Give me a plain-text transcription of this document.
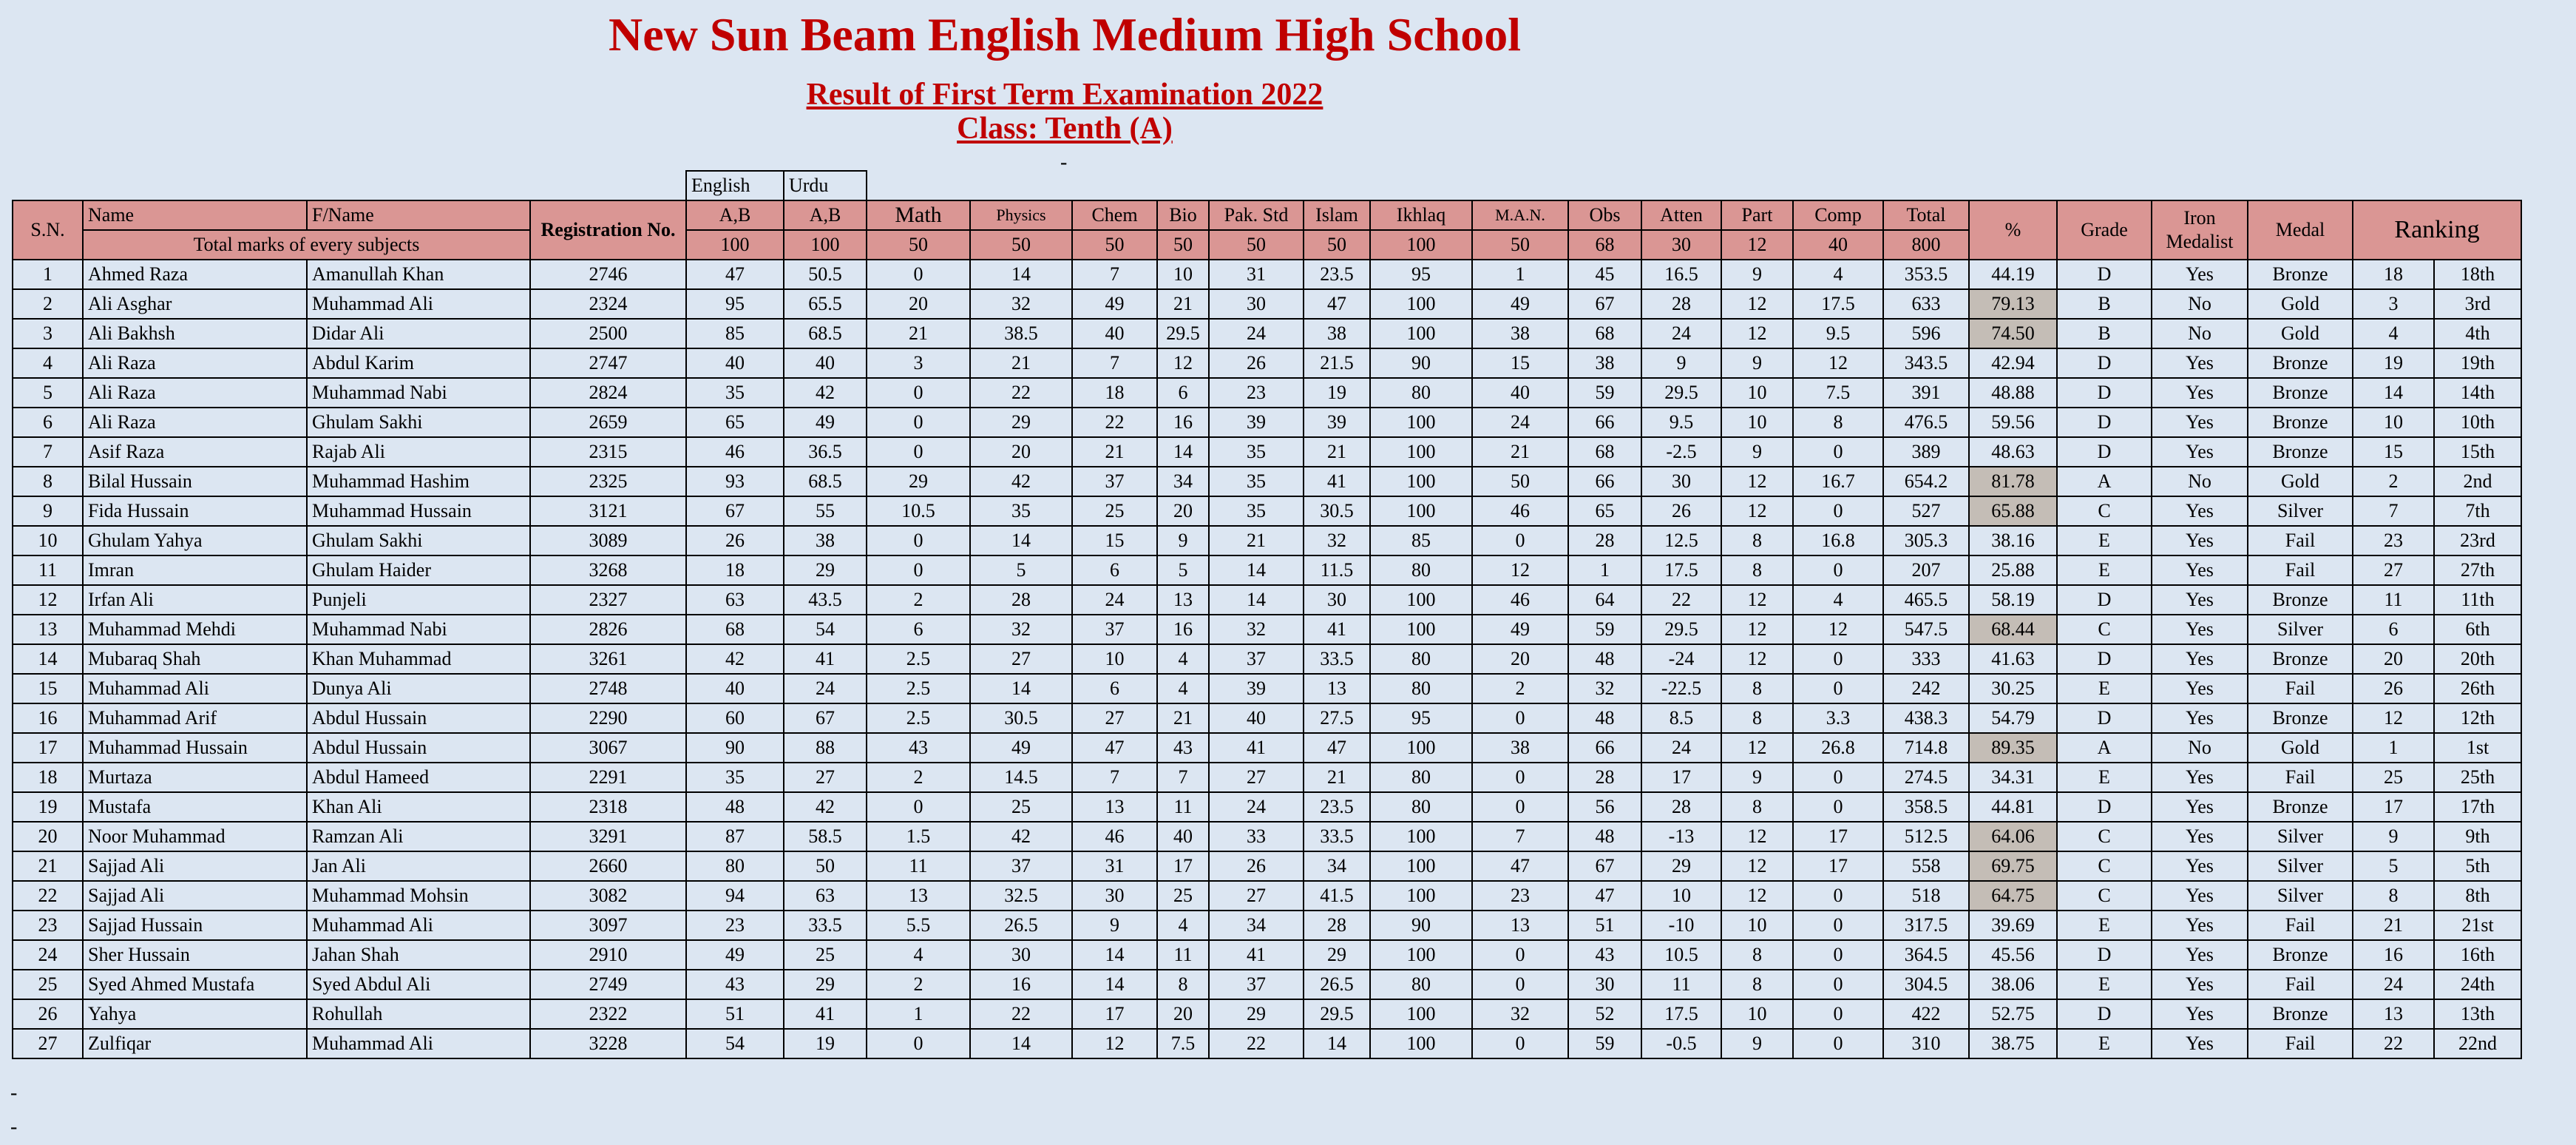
New Sun Beam English Medium High School
Result of First Term Examination 2022
Class: Tenth (A)
-
				English	Urdu																			
S.N.	Name	F/Name	Registration No.	A,B	A,B	Math	Physics	Chem	Bio	Pak. Std	Islam	Ikhlaq	M.A.N.	Obs	Atten	Part	Comp	Total	%	Grade	Iron Medalist	Medal	Ranking	
	Total marks of every subjects			100	100	50	50	50	50	50	50	100	50	68	30	12	40	800						
1	Ahmed Raza	Amanullah Khan	2746	47	50.5	0	14	7	10	31	23.5	95	1	45	16.5	9	4	353.5	44.19	D	Yes	Bronze	18	18th
2	Ali Asghar	Muhammad Ali	2324	95	65.5	20	32	49	21	30	47	100	49	67	28	12	17.5	633	79.13	B	No	Gold	3	3rd
3	Ali Bakhsh	Didar Ali	2500	85	68.5	21	38.5	40	29.5	24	38	100	38	68	24	12	9.5	596	74.50	B	No	Gold	4	4th
4	Ali Raza	Abdul Karim	2747	40	40	3	21	7	12	26	21.5	90	15	38	9	9	12	343.5	42.94	D	Yes	Bronze	19	19th
5	Ali Raza	Muhammad Nabi	2824	35	42	0	22	18	6	23	19	80	40	59	29.5	10	7.5	391	48.88	D	Yes	Bronze	14	14th
6	Ali Raza	Ghulam Sakhi	2659	65	49	0	29	22	16	39	39	100	24	66	9.5	10	8	476.5	59.56	D	Yes	Bronze	10	10th
7	Asif Raza	Rajab Ali	2315	46	36.5	0	20	21	14	35	21	100	21	68	-2.5	9	0	389	48.63	D	Yes	Bronze	15	15th
8	Bilal Hussain	Muhammad Hashim	2325	93	68.5	29	42	37	34	35	41	100	50	66	30	12	16.7	654.2	81.78	A	No	Gold	2	2nd
9	Fida Hussain	Muhammad Hussain	3121	67	55	10.5	35	25	20	35	30.5	100	46	65	26	12	0	527	65.88	C	Yes	Silver	7	7th
10	Ghulam Yahya	Ghulam Sakhi	3089	26	38	0	14	15	9	21	32	85	0	28	12.5	8	16.8	305.3	38.16	E	Yes	Fail	23	23rd
11	Imran	Ghulam Haider	3268	18	29	0	5	6	5	14	11.5	80	12	1	17.5	8	0	207	25.88	E	Yes	Fail	27	27th
12	Irfan Ali	Punjeli	2327	63	43.5	2	28	24	13	14	30	100	46	64	22	12	4	465.5	58.19	D	Yes	Bronze	11	11th
13	Muhammad Mehdi	Muhammad Nabi	2826	68	54	6	32	37	16	32	41	100	49	59	29.5	12	12	547.5	68.44	C	Yes	Silver	6	6th
14	Mubaraq Shah	Khan Muhammad	3261	42	41	2.5	27	10	4	37	33.5	80	20	48	-24	12	0	333	41.63	D	Yes	Bronze	20	20th
15	Muhammad Ali	Dunya Ali	2748	40	24	2.5	14	6	4	39	13	80	2	32	-22.5	8	0	242	30.25	E	Yes	Fail	26	26th
16	Muhammad Arif	Abdul Hussain	2290	60	67	2.5	30.5	27	21	40	27.5	95	0	48	8.5	8	3.3	438.3	54.79	D	Yes	Bronze	12	12th
17	Muhammad Hussain	Abdul Hussain	3067	90	88	43	49	47	43	41	47	100	38	66	24	12	26.8	714.8	89.35	A	No	Gold	1	1st
18	Murtaza	Abdul Hameed	2291	35	27	2	14.5	7	7	27	21	80	0	28	17	9	0	274.5	34.31	E	Yes	Fail	25	25th
19	Mustafa	Khan Ali	2318	48	42	0	25	13	11	24	23.5	80	0	56	28	8	0	358.5	44.81	D	Yes	Bronze	17	17th
20	Noor Muhammad	Ramzan Ali	3291	87	58.5	1.5	42	46	40	33	33.5	100	7	48	-13	12	17	512.5	64.06	C	Yes	Silver	9	9th
21	Sajjad Ali	Jan Ali	2660	80	50	11	37	31	17	26	34	100	47	67	29	12	17	558	69.75	C	Yes	Silver	5	5th
22	Sajjad Ali	Muhammad Mohsin	3082	94	63	13	32.5	30	25	27	41.5	100	23	47	10	12	0	518	64.75	C	Yes	Silver	8	8th
23	Sajjad Hussain	Muhammad Ali	3097	23	33.5	5.5	26.5	9	4	34	28	90	13	51	-10	10	0	317.5	39.69	E	Yes	Fail	21	21st
24	Sher Hussain	Jahan Shah	2910	49	25	4	30	14	11	41	29	100	0	43	10.5	8	0	364.5	45.56	D	Yes	Bronze	16	16th
25	Syed Ahmed Mustafa	Syed Abdul Ali	2749	43	29	2	16	14	8	37	26.5	80	0	30	11	8	0	304.5	38.06	E	Yes	Fail	24	24th
26	Yahya	Rohullah	2322	51	41	1	22	17	20	29	29.5	100	32	52	17.5	10	0	422	52.75	D	Yes	Bronze	13	13th
27	Zulfiqar	Muhammad Ali	3228	54	19	0	14	12	7.5	22	14	100	0	59	-0.5	9	0	310	38.75	E	Yes	Fail	22	22nd
-
-
